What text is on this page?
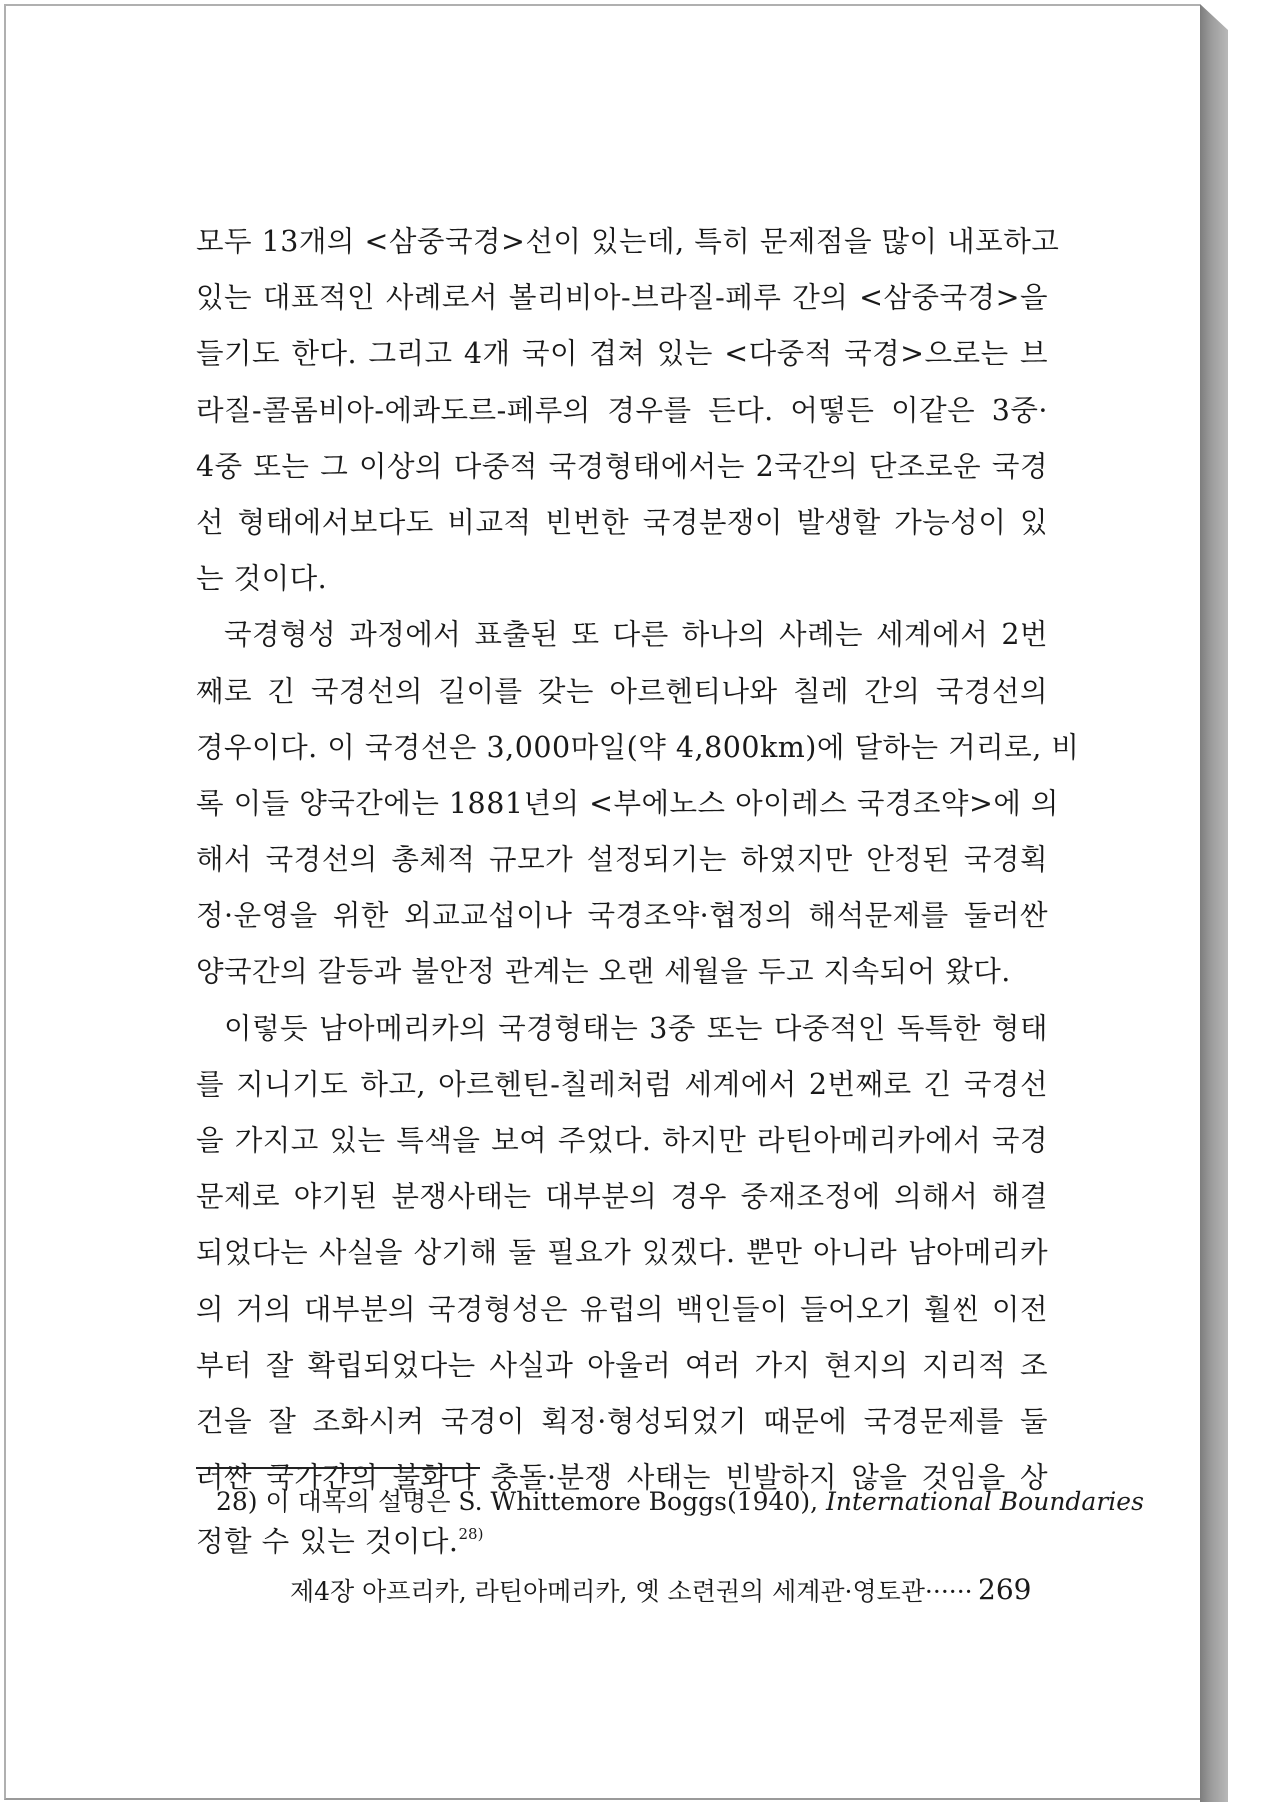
모두 13개의 <삼중국경>선이 있는데, 특히 문제점을 많이 내포하고
있는 대표적인 사례로서 볼리비아-브라질-페루 간의 <삼중국경>을
들기도 한다. 그리고 4개 국이 겹쳐 있는 <다중적 국경>으로는 브
라질-콜롬비아-에콰도르-페루의 경우를 든다. 어떻든 이같은 3중·
4중 또는 그 이상의 다중적 국경형태에서는 2국간의 단조로운 국경
선 형태에서보다도 비교적 빈번한 국경분쟁이 발생할 가능성이 있
는 것이다.
국경형성 과정에서 표출된 또 다른 하나의 사례는 세계에서 2번
째로 긴 국경선의 길이를 갖는 아르헨티나와 칠레 간의 국경선의
경우이다. 이 국경선은 3,000마일(약 4,800km)에 달하는 거리로, 비
록 이들 양국간에는 1881년의 <부에노스 아이레스 국경조약>에 의
해서 국경선의 총체적 규모가 설정되기는 하였지만 안정된 국경획
정·운영을 위한 외교교섭이나 국경조약·협정의 해석문제를 둘러싼
양국간의 갈등과 불안정 관계는 오랜 세월을 두고 지속되어 왔다.
이렇듯 남아메리카의 국경형태는 3중 또는 다중적인 독특한 형태
를 지니기도 하고, 아르헨틴-칠레처럼 세계에서 2번째로 긴 국경선
을 가지고 있는 특색을 보여 주었다. 하지만 라틴아메리카에서 국경
문제로 야기된 분쟁사태는 대부분의 경우 중재조정에 의해서 해결
되었다는 사실을 상기해 둘 필요가 있겠다. 뿐만 아니라 남아메리카
의 거의 대부분의 국경형성은 유럽의 백인들이 들어오기 훨씬 이전
부터 잘 확립되었다는 사실과 아울러 여러 가지 현지의 지리적 조
건을 잘 조화시켜 국경이 획정·형성되었기 때문에 국경문제를 둘
러싼 국가간의 불화나 충돌·분쟁 사태는 빈발하지 않을 것임을 상
정할 수 있는 것이다.$^{28)}$
28) 이 대목의 설명은 S. Whittemore Boggs(1940), International Boundaries
제4장 아프리카, 라틴아메리카, 옛 소련권의 세계관·영토관······ 269
